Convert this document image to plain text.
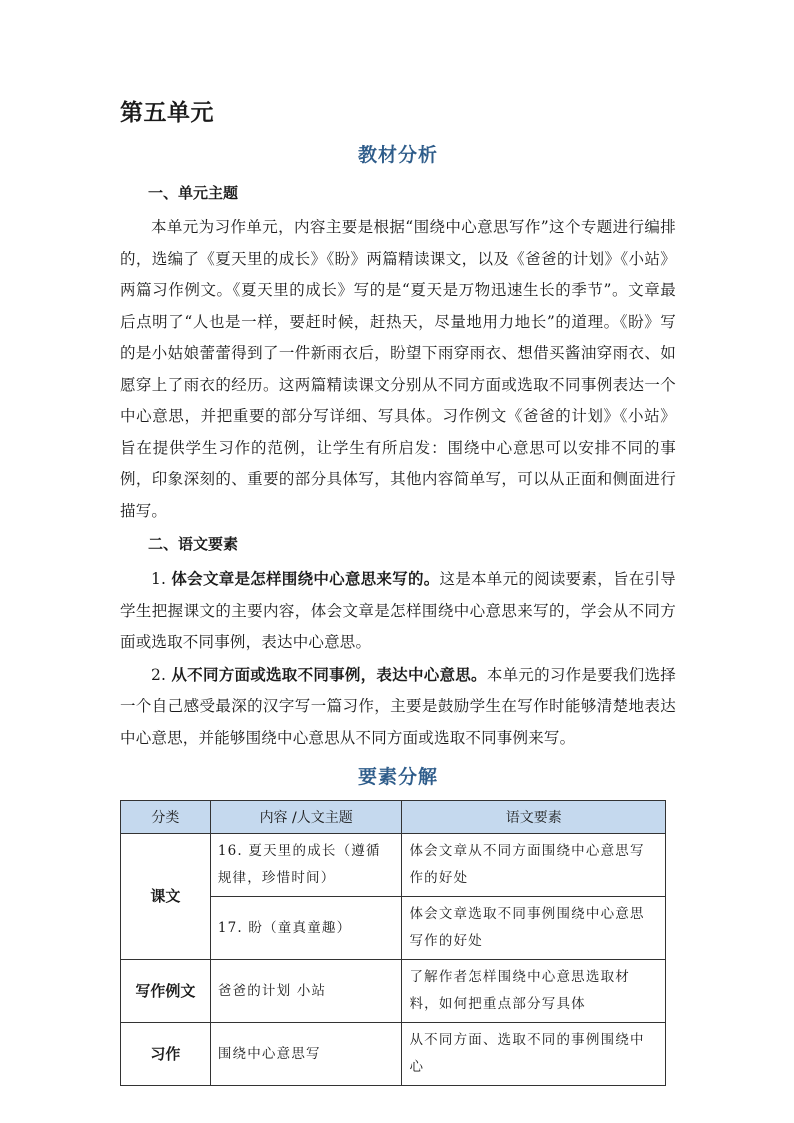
第五单元
教材分析
一、单元主题

本单元为习作单元，内容主要是根据“围绕中心意思写作”这个专题进行编排的，选编了《夏天里的成长》《盼》两篇精读课文，以及《爸爸的计划》《小站》两篇习作例文。《夏天里的成长》写的是“夏天是万物迅速生长的季节”。文章最后点明了“人也是一样，要赶时候，赶热天，尽量地用力地长”的道理。《盼》写的是小姑娘蕾蕾得到了一件新雨衣后，盼望下雨穿雨衣、想借买酱油穿雨衣、如愿穿上了雨衣的经历。这两篇精读课文分别从不同方面或选取不同事例表达一个中心意思，并把重要的部分写详细、写具体。习作例文《爸爸的计划》《小站》旨在提供学生习作的范例，让学生有所启发：围绕中心意思可以安排不同的事例，印象深刻的、重要的部分具体写，其他内容简单写，可以从正面和侧面进行描写。

二、语文要素

1. 体会文章是怎样围绕中心意思来写的。这是本单元的阅读要素，旨在引导学生把握课文的主要内容，体会文章是怎样围绕中心意思来写的，学会从不同方面或选取不同事例，表达中心意思。

2. 从不同方面或选取不同事例，表达中心意思。本单元的习作是要我们选择一个自己感受最深的汉字写一篇习作，主要是鼓励学生在写作时能够清楚地表达中心意思，并能够围绕中心意思从不同方面或选取不同事例来写。

要素分解
分类	内容 /人文主题	语文要素
课文	16. 夏天里的成长（遵循规律，珍惜时间）	体会文章从不同方面围绕中心意思写作的好处
	17. 盼（童真童趣）	体会文章选取不同事例围绕中心意思写作的好处
写作例文	爸爸的计划 小站	了解作者怎样围绕中心意思选取材料，如何把重点部分写具体
习作	围绕中心意思写	从不同方面、选取不同的事例围绕中心
